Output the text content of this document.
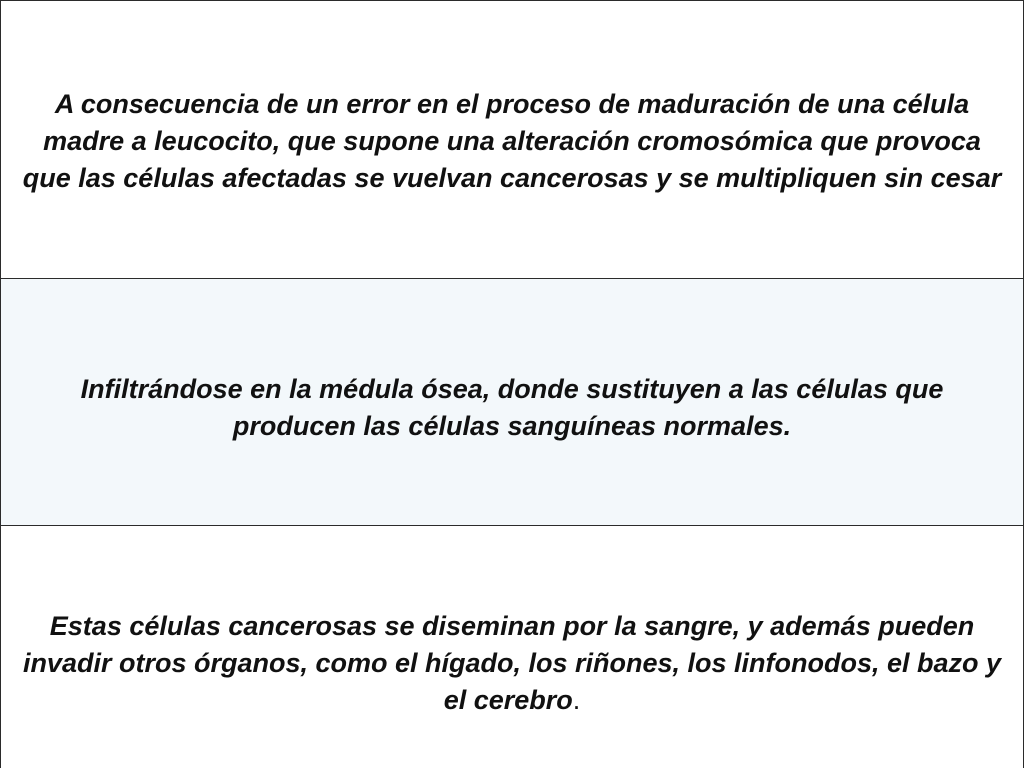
A consecuencia de un error en el proceso de maduración de una célula madre a leucocito, que supone una alteración cromosómica que provoca que las células afectadas se vuelvan cancerosas y se multipliquen sin cesar

Infiltrándose en la médula ósea, donde sustituyen a las células que producen las células sanguíneas normales.

Estas células cancerosas se diseminan por la sangre, y además pueden invadir otros órganos, como el hígado, los riñones, los linfonodos, el bazo y el cerebro.
